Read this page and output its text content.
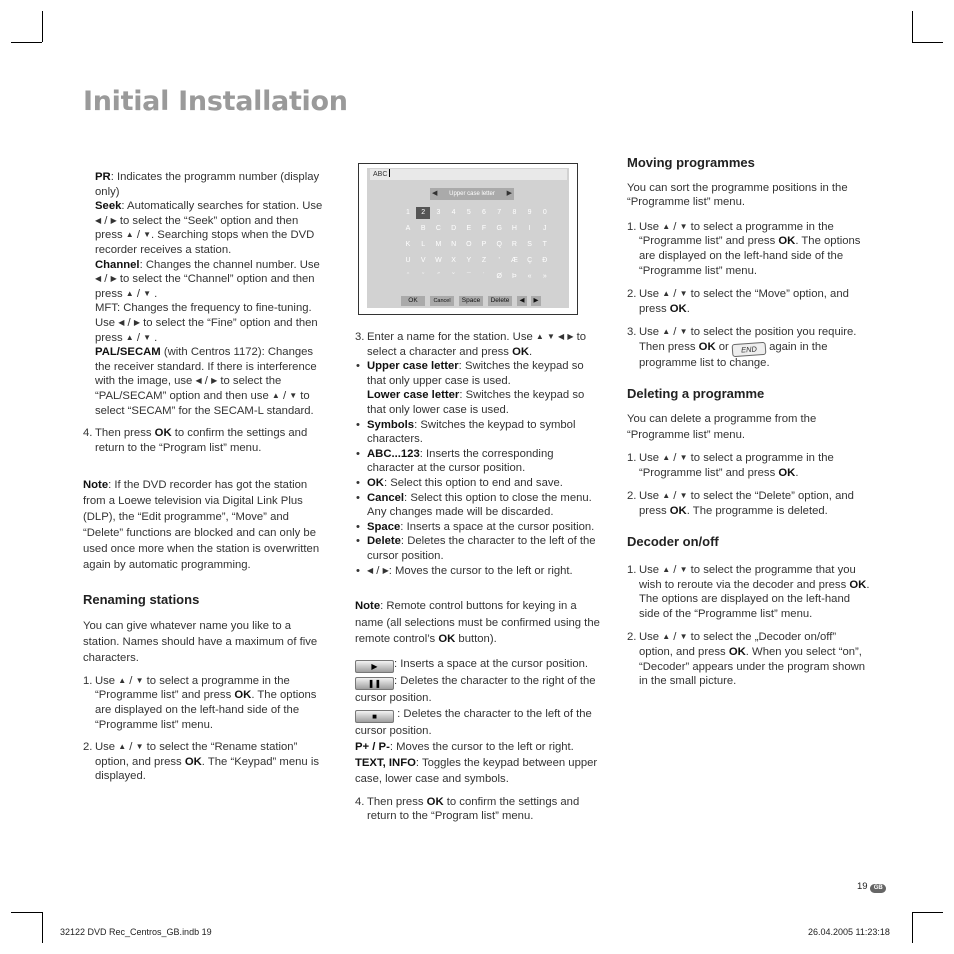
Initial Installation

PR: Indicates the programm number (display only)

Seek: Automatically searches for station. Use ◀ / ▶ to select the “Seek” option and then press ▲ / ▼. Searching stops when the DVD recorder receives a station.

Channel: Changes the channel number. Use ◀ / ▶ to select the “Channel” option and then press ▲ / ▼ .

MFT: Changes the frequency to fine-tuning. Use ◀ / ▶ to select the “Fine” option and then press ▲ / ▼ .

PAL/SECAM (with Centros 1172): Changes the receiver standard. If there is interference with the image, use ◀ / ▶ to select the “PAL/SECAM” option and then use ▲ / ▼ to select “SECAM” for the SECAM-L standard.

4. Then press OK to confirm the settings and return to the “Program list” menu.

Note: If the DVD recorder has got the station from a Loewe television via Digital Link Plus (DLP), the “Edit programme”, “Move” and “Delete” functions are blocked and can only be used once more when the station is overwritten again by automatic programming.

Renaming stations

You can give whatever name you like to a station. Names should have a maximum of five characters.

1. Use ▲ / ▼ to select a programme in the “Programme list” and press OK. The options are displayed on the left-hand side of the “Programme list” menu.

2. Use ▲ / ▼ to select the “Rename station” option, and press OK. The “Keypad” menu is displayed.

ABC
◀ Upper case letter ▶
1	2	3	4	5	6	7	8	9	0
A	B	C	D	E	F	G	H	I	J
K	L	M	N	O	P	Q	R	S	T
U	V	W	X	Y	Z	'	Æ	Ç	Ð
ˆ	ˇ	˝	˘	¯	˙	Ø	Þ	«	»
OK	Cancel	Space	Delete	◀	▶

3. Enter a name for the station. Use ▲ ▼ ◀ ▶ to select a character and press OK.

• Upper case letter: Switches the keypad so that only upper case is used.

Lower case letter: Switches the keypad so that only lower case is used.

• Symbols: Switches the keypad to symbol characters.

• ABC...123: Inserts the corresponding character at the cursor position.

• OK: Select this option to end and save.

• Cancel: Select this option to close the menu. Any changes made will be discarded.

• Space: Inserts a space at the cursor position.

• Delete: Deletes the character to the left of the cursor position.

• ◀ / ▶: Moves the cursor to the left or right.

Note: Remote control buttons for keying in a name (all selections must be confirmed using the remote control’s OK button).

▶ : Inserts a space at the cursor position.

❚❚ : Deletes the character to the right of the cursor position.

■ : Deletes the character to the left of the cursor position.

P+ / P-: Moves the cursor to the left or right.

TEXT, INFO: Toggles the keypad between upper case, lower case and symbols.

4. Then press OK to confirm the settings and return to the “Program list” menu.

Moving programmes

You can sort the programme positions in the “Programme list” menu.

1. Use ▲ / ▼ to select a programme in the “Programme list” and press OK. The options are displayed on the left-hand side of the “Programme list” menu.

2. Use ▲ / ▼ to select the “Move” option, and press OK.

3. Use ▲ / ▼ to select the position you require. Then press OK or END again in the programme list to change.

Deleting a programme

You can delete a programme from the “Programme list” menu.

1. Use ▲ / ▼ to select a programme in the “Programme list” and press OK.

2. Use ▲ / ▼ to select the “Delete” option, and press OK. The programme is deleted.

Decoder on/off

1. Use ▲ / ▼ to select the programme that you wish to reroute via the decoder and press OK. The options are displayed on the left-hand side of the “Programme list” menu.

2. Use ▲ / ▼ to select the „Decoder on/off” option, and press OK. When you select “on”, “Decoder” appears under the program shown in the small picture.

19 GB
32122 DVD Rec_Centros_GB.indb 19	26.04.2005 11:23:18
